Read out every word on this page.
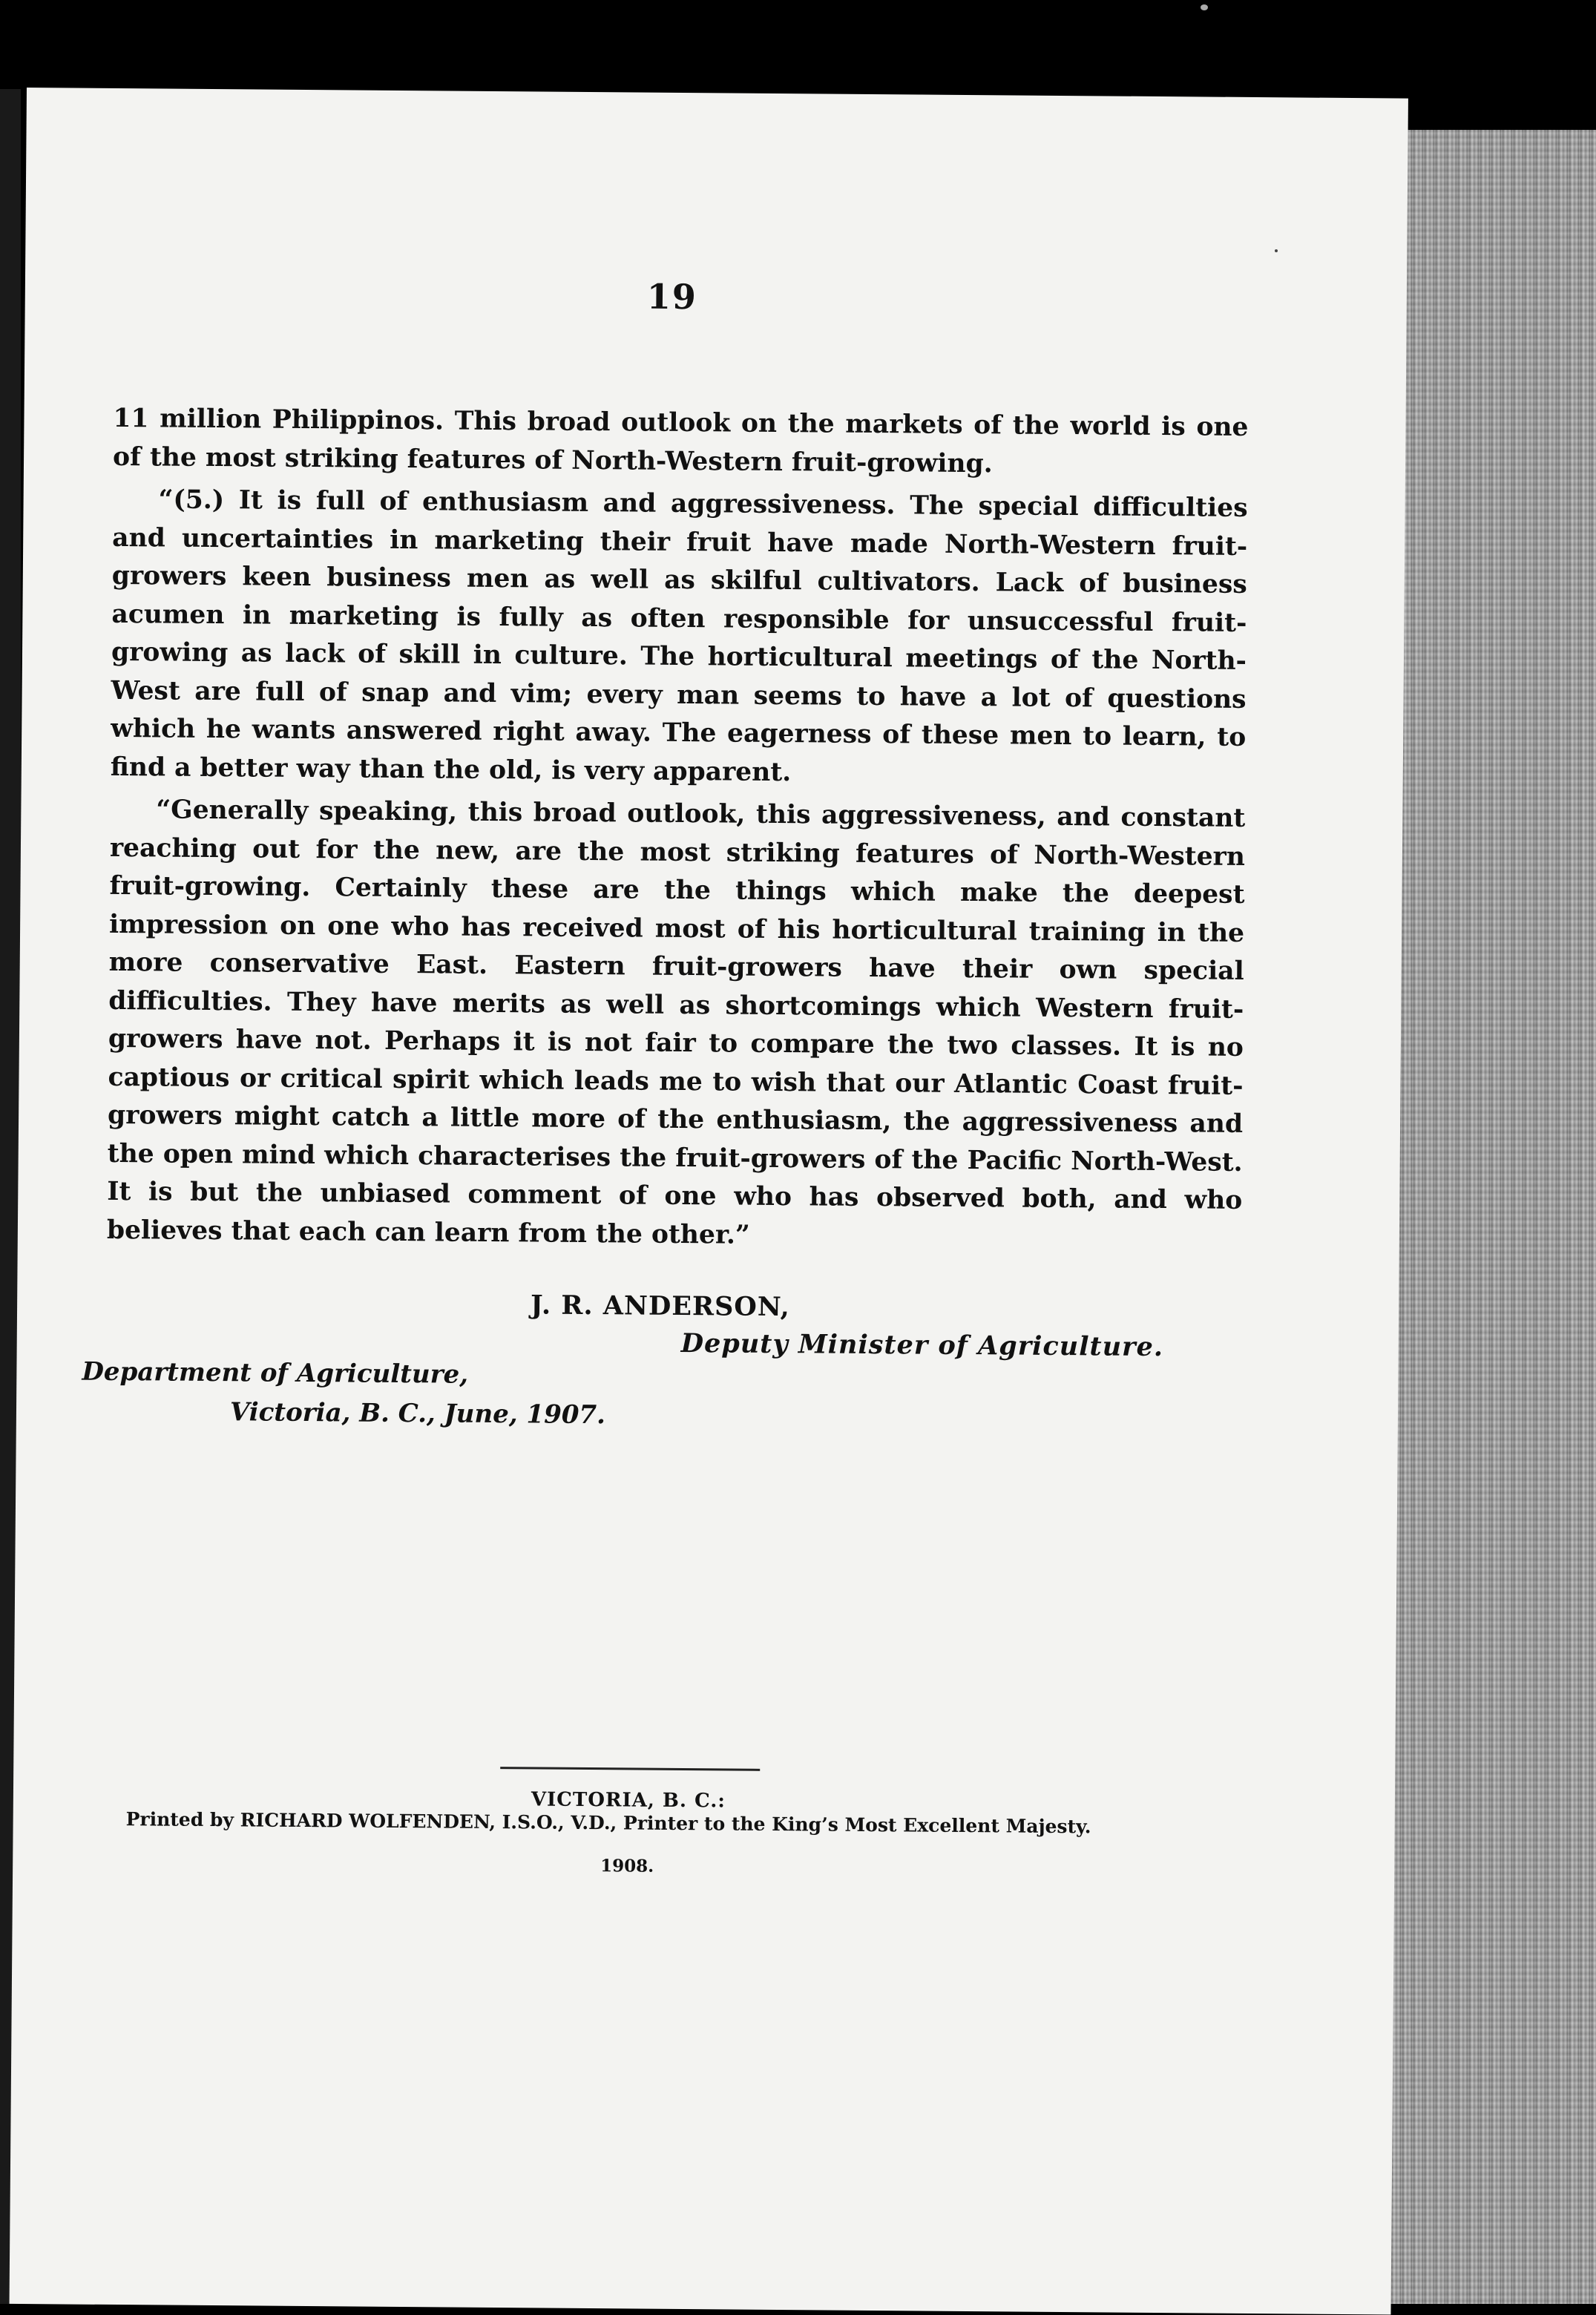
19

11 million Philippinos. This broad outlook on the markets of the world is one of the most striking features of North-Western fruit-growing.

“(5.) It is full of enthusiasm and aggressiveness. The special difficulties and uncertainties in marketing their fruit have made North-Western fruit-growers keen business men as well as skilful cultivators. Lack of business acumen in marketing is fully as often responsible for unsuccessful fruit-growing as lack of skill in culture. The horticultural meetings of the North-West are full of snap and vim; every man seems to have a lot of questions which he wants answered right away. The eagerness of these men to learn, to find a better way than the old, is very apparent.

“Generally speaking, this broad outlook, this aggressiveness, and constant reaching out for the new, are the most striking features of North-Western fruit-growing. Certainly these are the things which make the deepest impression on one who has received most of his horticultural training in the more conservative East. Eastern fruit-growers have their own special difficulties. They have merits as well as shortcomings which Western fruit-growers have not. Perhaps it is not fair to compare the two classes. It is no captious or critical spirit which leads me to wish that our Atlantic Coast fruit-growers might catch a little more of the enthusiasm, the aggressiveness and the open mind which characterises the fruit-growers of the Pacific North-West. It is but the unbiased comment of one who has observed both, and who believes that each can learn from the other.”

J. R. ANDERSON,
Deputy Minister of Agriculture.
Department of Agriculture,
Victoria, B. C., June, 1907.
VICTORIA, B. C.:
Printed by RICHARD WOLFENDEN, I.S.O., V.D., Printer to the King’s Most Excellent Majesty.
1908.
